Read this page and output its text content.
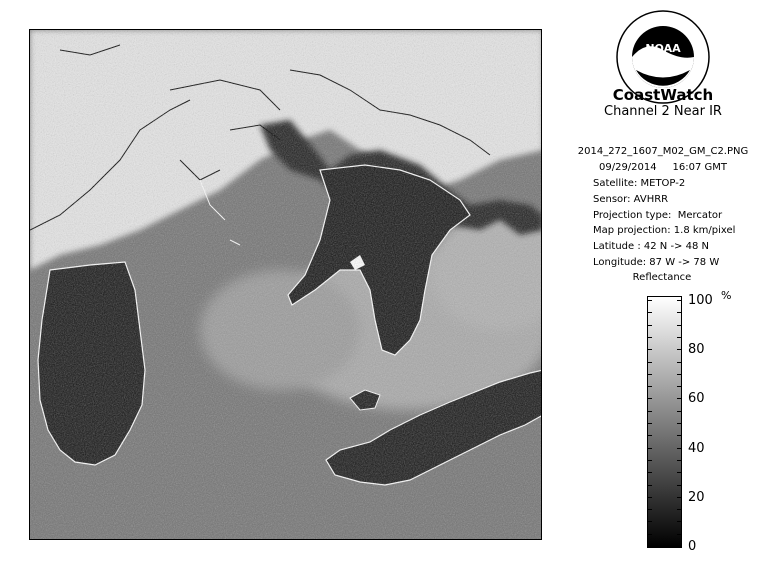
NOAA
CoastWatch
Channel 2 Near IR
2014_272_1607_M02_GM_C2.PNG
09/29/2014     16:07 GMT
Satellite: METOP-2
Sensor: AVHRR
Projection type:  Mercator
Map projection: 1.8 km/pixel
Latitude : 42 N -> 48 N
Longitude: 87 W -> 78 W
Reflectance
%
100
80
60
40
20
0
